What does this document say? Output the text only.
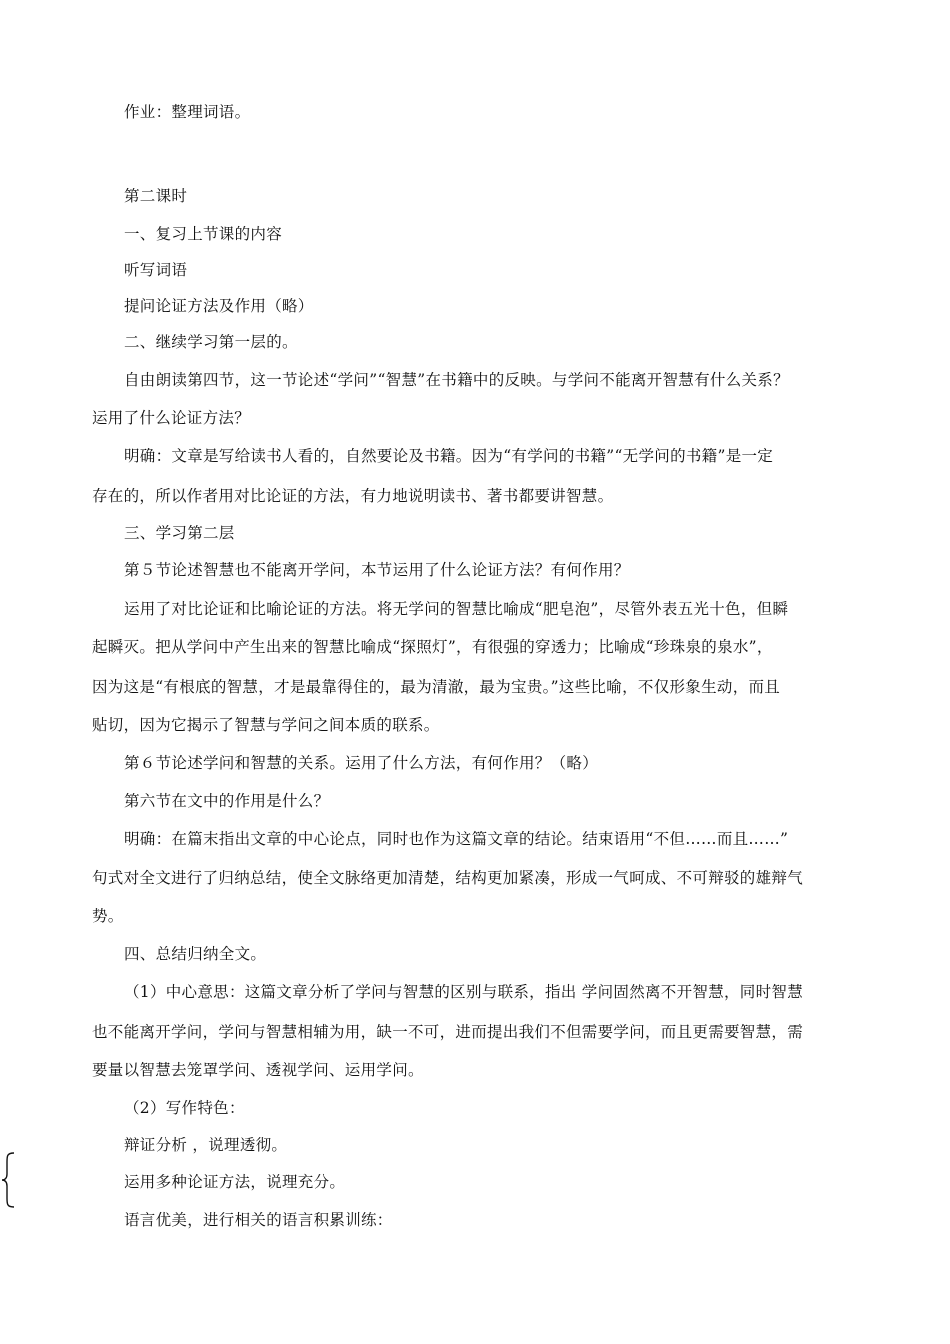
作业：整理词语。
第二课时
一、复习上节课的内容
听写词语
提问论证方法及作用（略）
二、继续学习第一层的。
自由朗读第四节，这一节论述“学问”“智慧”在书籍中的反映。与学问不能离开智慧有什么关系？
运用了什么论证方法？
明确：文章是写给读书人看的，自然要论及书籍。因为“有学问的书籍”“无学问的书籍”是一定
存在的，所以作者用对比论证的方法，有力地说明读书、著书都要讲智慧。
三、学习第二层
第５节论述智慧也不能离开学问，本节运用了什么论证方法？有何作用？
运用了对比论证和比喻论证的方法。将无学问的智慧比喻成“肥皂泡”，尽管外表五光十色，但瞬
起瞬灭。把从学问中产生出来的智慧比喻成“探照灯”，有很强的穿透力；比喻成“珍珠泉的泉水”，
因为这是“有根底的智慧，才是最靠得住的，最为清澈，最为宝贵。”这些比喻，不仅形象生动，而且
贴切，因为它揭示了智慧与学问之间本质的联系。
第６节论述学问和智慧的关系。运用了什么方法，有何作用？（略）
第六节在文中的作用是什么？
明确：在篇末指出文章的中心论点，同时也作为这篇文章的结论。结束语用“不但……而且……”
句式对全文进行了归纳总结，使全文脉络更加清楚，结构更加紧凑，形成一气呵成、不可辩驳的雄辩气
势。
四、总结归纳全文。
（1）中心意思：这篇文章分析了学问与智慧的区别与联系，指出 学问固然离不开智慧，同时智慧
也不能离开学问，学问与智慧相辅为用，缺一不可，进而提出我们不但需要学问，而且更需要智慧，需
要量以智慧去笼罩学问、透视学问、运用学问。
（2）写作特色：
辩证分析 ，说理透彻。
运用多种论证方法，说理充分。
语言优美，进行相关的语言积累训练：
